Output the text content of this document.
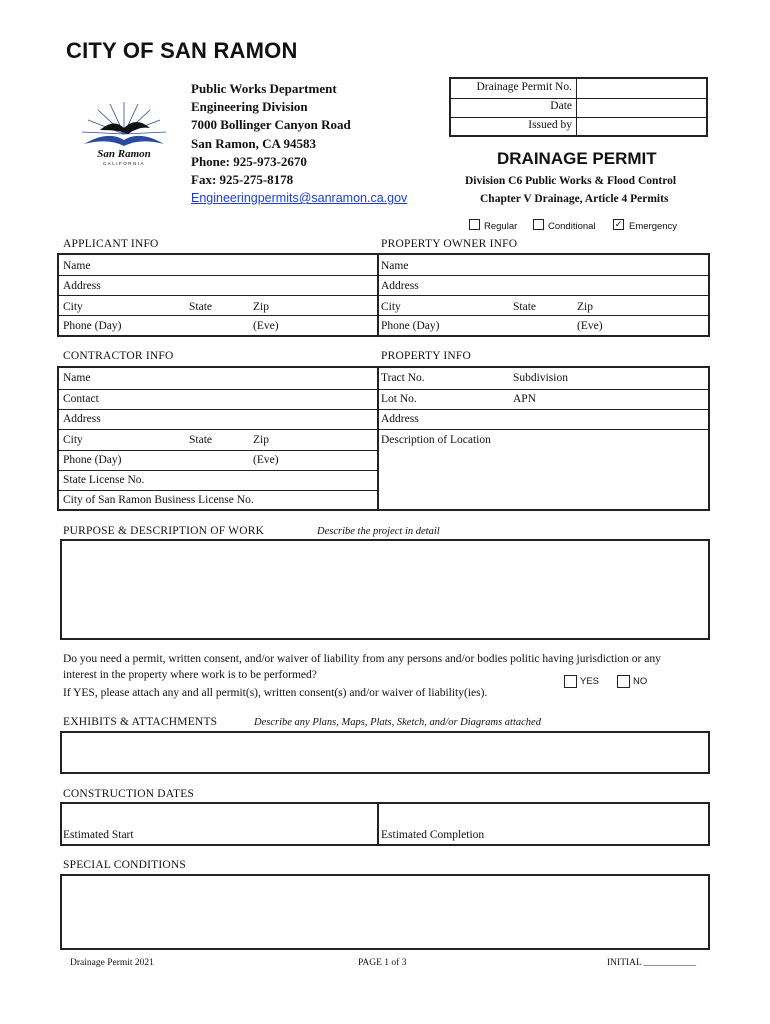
CITY OF SAN RAMON
San Ramon
CALIFORNIA
Public Works Department
Engineering Division
7000 Bollinger Canyon Road
San Ramon, CA 94583
Phone: 925-973-2670
Fax: 925-275-8178
Engineeringpermits@sanramon.ca.gov
Drainage Permit No.
Date
Issued by
DRAINAGE PERMIT
Division C6 Public Works & Flood Control
Chapter V Drainage, Article 4 Permits
Regular	Conditional ✓ Emergency
APPLICANT INFO	PROPERTY OWNER INFO
Name
Address
City	State	Zip
Phone (Day)	(Eve)
Name
Address
City	State	Zip
Phone (Day)	(Eve)
CONTRACTOR INFO	PROPERTY INFO
Name
Contact
Address
City	State	Zip
Phone (Day)	(Eve)
State License No.
City of San Ramon Business License No.
Tract No.	Subdivision
Lot No.	APN
Address
Description of Location
PURPOSE & DESCRIPTION OF WORK	Describe the project in detail
Do you need a permit, written consent, and/or waiver of liability from any persons and/or bodies politic having jurisdiction or any
interest in the property where work is to be performed?
YES	NO
If YES, please attach any and all permit(s), written consent(s) and/or waiver of liability(ies).
EXHIBITS & ATTACHMENTS	Describe any Plans, Maps, Plats, Sketch, and/or Diagrams attached
CONSTRUCTION DATES
Estimated Start	Estimated Completion
SPECIAL CONDITIONS
Drainage Permit 2021	PAGE 1 of 3	INITIAL ___________
